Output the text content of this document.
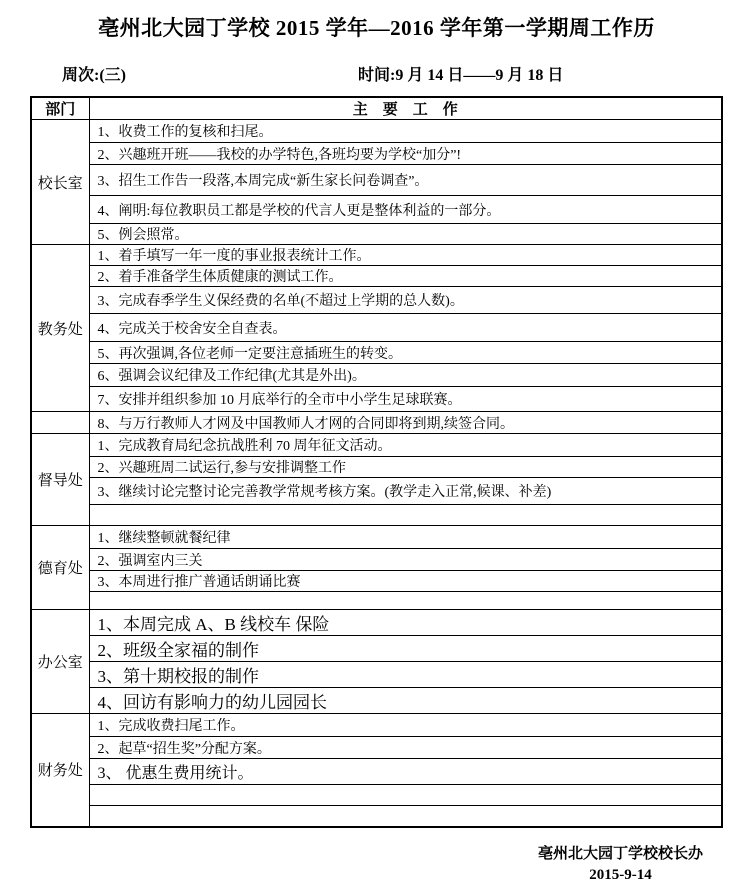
亳州北大园丁学校 2015 学年—2016 学年第一学期周工作历
周次:(三)	时间:9 月 14 日——9 月 18 日
部门	主　要　工　作
校长室	1、收费工作的复核和扫尾。
	2、兴趣班开班——我校的办学特色,各班均要为学校“加分”!
	3、招生工作告一段落,本周完成“新生家长问卷调查”。
	4、阐明:每位教职员工都是学校的代言人更是整体利益的一部分。
	5、例会照常。
教务处	1、着手填写一年一度的事业报表统计工作。
	2、着手准备学生体质健康的测试工作。
	3、完成春季学生义保经费的名单(不超过上学期的总人数)。
	4、完成关于校舍安全自查表。
	5、再次强调,各位老师一定要注意插班生的转变。
	6、强调会议纪律及工作纪律(尤其是外出)。
	7、安排并组织参加 10 月底举行的全市中小学生足球联赛。
	8、与万行教师人才网及中国教师人才网的合同即将到期,续签合同。
督导处	1、完成教育局纪念抗战胜利 70 周年征文活动。
	2、兴趣班周二试运行,参与安排调整工作
	3、继续讨论完整讨论完善教学常规考核方案。(教学走入正常,候课、补差)

德育处	1、继续整顿就餐纪律
	2、强调室内三关
	3、本周进行推广普通话朗诵比赛

办公室	1、本周完成 A、B 线校车 保险
	2、班级全家福的制作
	3、第十期校报的制作
	4、回访有影响力的幼儿园园长
财务处	1、完成收费扫尾工作。
	2、起草“招生奖”分配方案。
	3、 优惠生费用统计。

亳州北大园丁学校校长办
2015-9-14
